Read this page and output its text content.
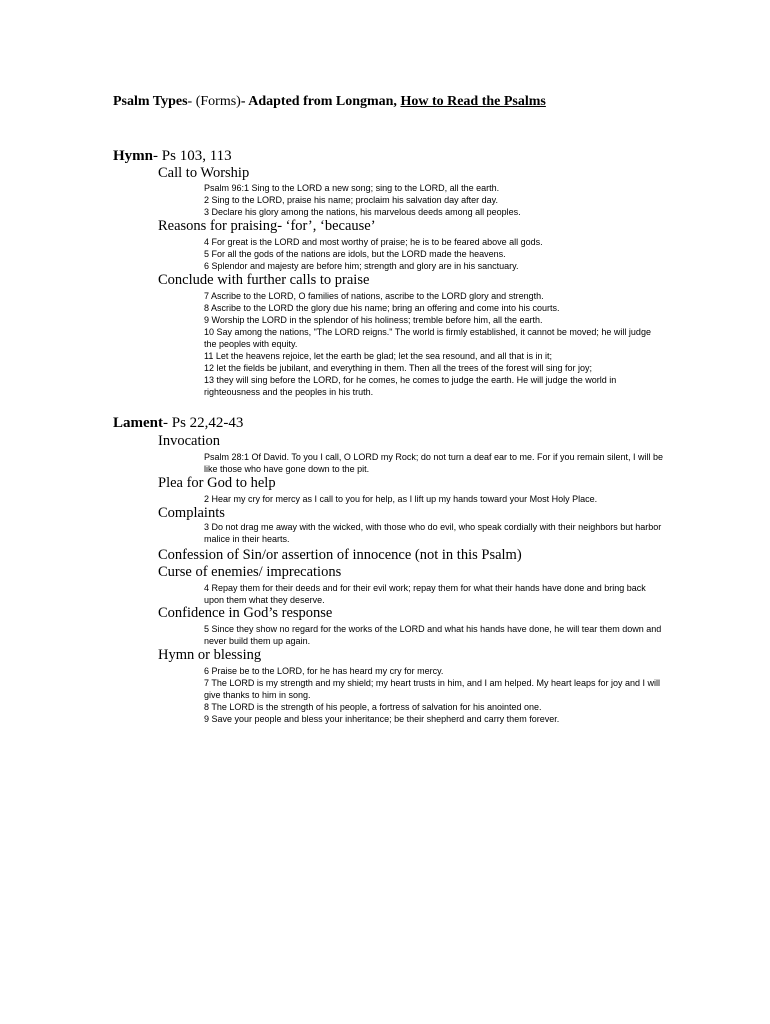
Psalm Types- (Forms)- Adapted from Longman, How to Read the Psalms
Hymn- Ps 103, 113
Call to Worship
Psalm 96:1 Sing to the LORD a new song; sing to the LORD, all the earth.
2 Sing to the LORD, praise his name; proclaim his salvation day after day.
3 Declare his glory among the nations, his marvelous deeds among all peoples.
Reasons for praising- ‘for’, ‘because’
4 For great is the LORD and most worthy of praise; he is to be feared above all gods.
5 For all the gods of the nations are idols, but the LORD made the heavens.
6 Splendor and majesty are before him; strength and glory are in his sanctuary.
Conclude with further calls to praise
7 Ascribe to the LORD, O families of nations, ascribe to the LORD glory and strength.
8 Ascribe to the LORD the glory due his name; bring an offering and come into his courts.
9 Worship the LORD in the splendor of his holiness; tremble before him, all the earth.
10 Say among the nations, "The LORD reigns." The world is firmly established, it cannot be moved; he will judge the peoples with equity.
11 Let the heavens rejoice, let the earth be glad; let the sea resound, and all that is in it;
12 let the fields be jubilant, and everything in them. Then all the trees of the forest will sing for joy;
13 they will sing before the LORD, for he comes, he comes to judge the earth. He will judge the world in righteousness and the peoples in his truth.
Lament- Ps 22,42-43
Invocation
Psalm 28:1 Of David. To you I call, O LORD my Rock; do not turn a deaf ear to me. For if you remain silent, I will be like those who have gone down to the pit.
Plea for God to help
2 Hear my cry for mercy as I call to you for help, as I lift up my hands toward your Most Holy Place.
Complaints
3 Do not drag me away with the wicked, with those who do evil, who speak cordially with their neighbors but harbor malice in their hearts.
Confession of Sin/or assertion of innocence (not in this Psalm)
Curse of enemies/ imprecations
4 Repay them for their deeds and for their evil work; repay them for what their hands have done and bring back upon them what they deserve.
Confidence in God’s response
5 Since they show no regard for the works of the LORD and what his hands have done, he will tear them down and never build them up again.
Hymn or blessing
6 Praise be to the LORD, for he has heard my cry for mercy.
7 The LORD is my strength and my shield; my heart trusts in him, and I am helped. My heart leaps for joy and I will give thanks to him in song.
8 The LORD is the strength of his people, a fortress of salvation for his anointed one.
9 Save your people and bless your inheritance; be their shepherd and carry them forever.
